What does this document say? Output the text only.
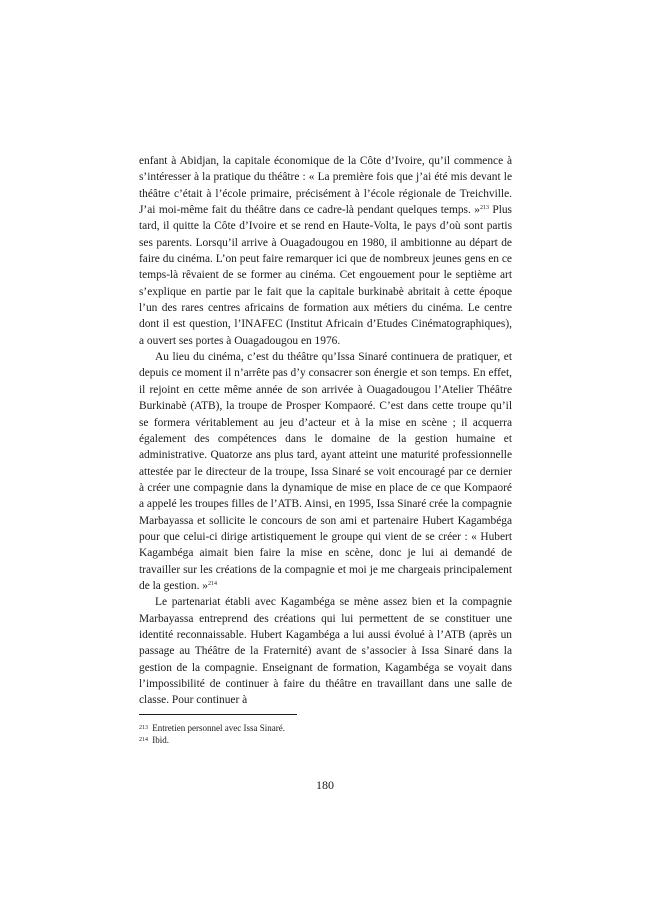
enfant à Abidjan, la capitale économique de la Côte d’Ivoire, qu’il commence à s’intéresser à la pratique du théâtre : « La première fois que j’ai été mis devant le théâtre c’était à l’école primaire, précisément à l’école régionale de Treichville. J’ai moi-même fait du théâtre dans ce cadre-là pendant quelques temps. »$^{213}$ Plus tard, il quitte la Côte d’Ivoire et se rend en Haute-Volta, le pays d’où sont partis ses parents. Lorsqu’il arrive à Ouagadougou en 1980, il ambitionne au départ de faire du cinéma. L’on peut faire remarquer ici que de nombreux jeunes gens en ce temps-là rêvaient de se former au cinéma. Cet engouement pour le septième art s’explique en partie par le fait que la capitale burkinabè abritait à cette époque l’un des rares centres africains de formation aux métiers du cinéma. Le centre dont il est question, l’INAFEC (Institut Africain d’Etudes Cinématographiques), a ouvert ses portes à Ouagadougou en 1976.

Au lieu du cinéma, c’est du théâtre qu’Issa Sinaré continuera de pratiquer, et depuis ce moment il n’arrête pas d’y consacrer son énergie et son temps. En effet, il rejoint en cette même année de son arrivée à Ouagadougou l’Atelier Théâtre Burkinabè (ATB), la troupe de Prosper Kompaoré. C’est dans cette troupe qu’il se formera véritablement au jeu d’acteur et à la mise en scène ; il acquerra également des compétences dans le domaine de la gestion humaine et administrative. Quatorze ans plus tard, ayant atteint une maturité professionnelle attestée par le directeur de la troupe, Issa Sinaré se voit encouragé par ce dernier à créer une compagnie dans la dynamique de mise en place de ce que Kompaoré a appelé les troupes filles de l’ATB. Ainsi, en 1995, Issa Sinaré crée la compagnie Marbayassa et sollicite le concours de son ami et partenaire Hubert Kagambéga pour que celui-ci dirige artistiquement le groupe qui vient de se créer : « Hubert Kagambéga aimait bien faire la mise en scène, donc je lui ai demandé de travailler sur les créations de la compagnie et moi je me chargeais principalement de la gestion. »$^{214}$

Le partenariat établi avec Kagambéga se mène assez bien et la compagnie Marbayassa entreprend des créations qui lui permettent de se constituer une identité reconnaissable. Hubert Kagambéga a lui aussi évolué à l’ATB (après un passage au Théâtre de la Fraternité) avant de s’associer à Issa Sinaré dans la gestion de la compagnie. Enseignant de formation, Kagambéga se voyait dans l’impossibilité de continuer à faire du théâtre en travaillant dans une salle de classe. Pour continuer à

$^{213}$ Entretien personnel avec Issa Sinaré.
$^{214}$ Ibid.
180
